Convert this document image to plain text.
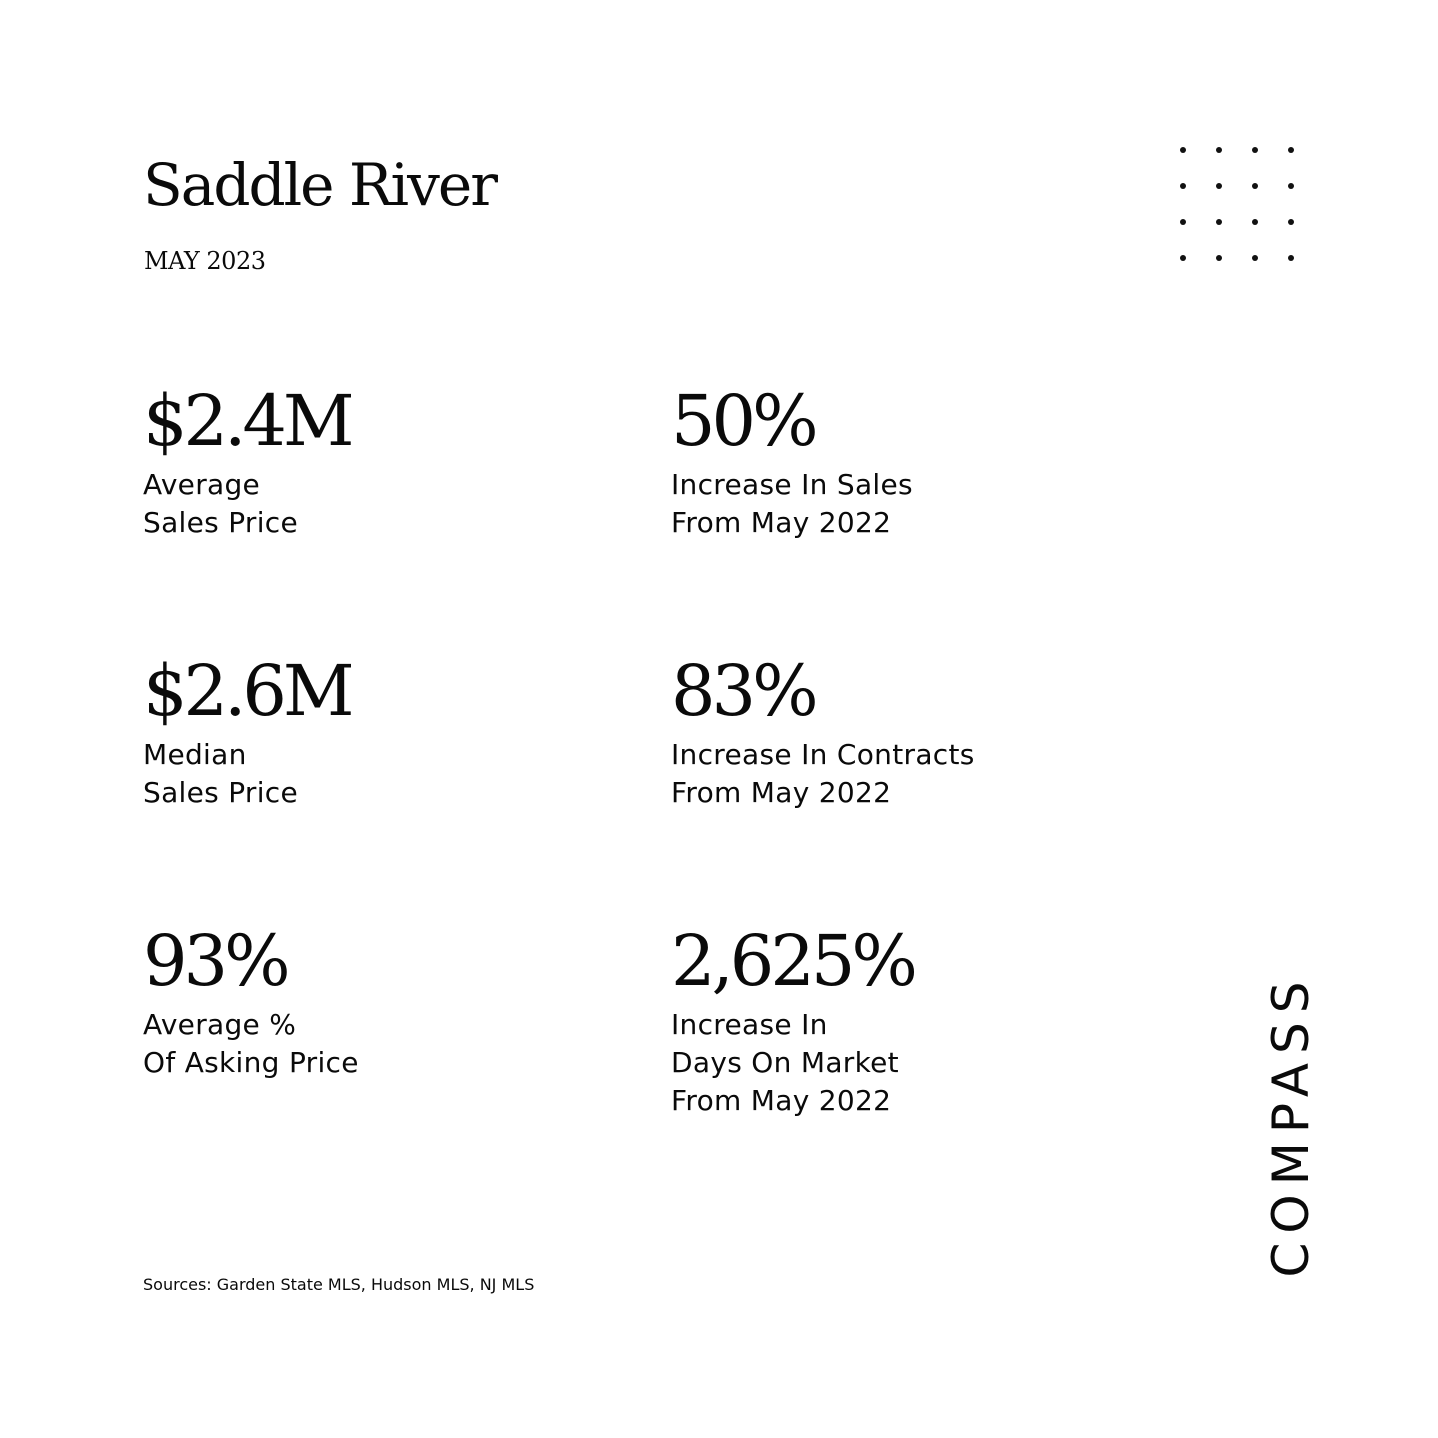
Saddle River
MAY 2023
$2.4M
Average
Sales Price
50%
Increase In Sales
From May 2022
$2.6M
Median
Sales Price
83%
Increase In Contracts
From May 2022
93%
Average %
Of Asking Price
2,625%
Increase In
Days On Market
From May 2022
Sources: Garden State MLS, Hudson MLS, NJ MLS
COMPASS
